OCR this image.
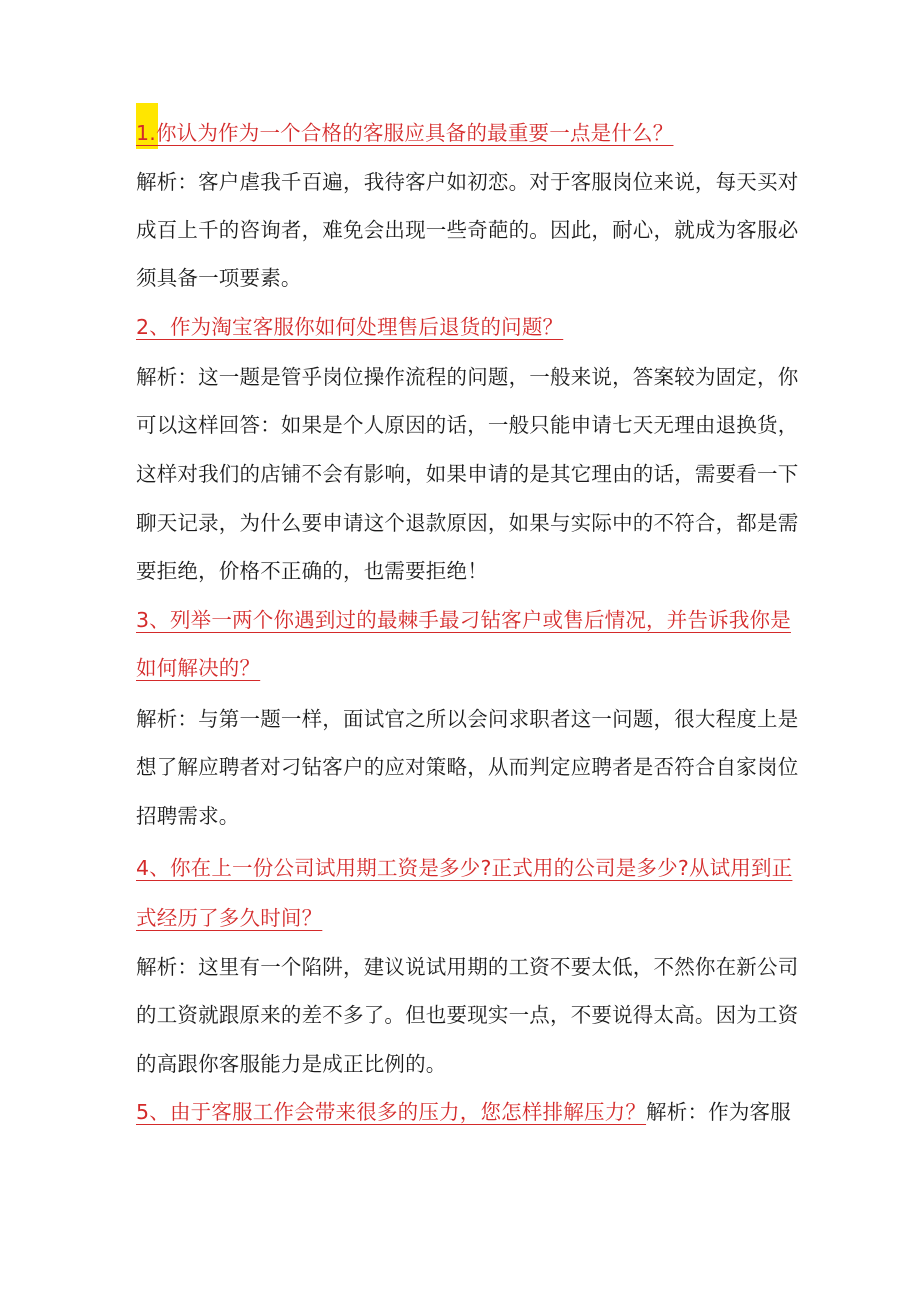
1.你认为作为一个合格的客服应具备的最重要一点是什么？
解析：客户虐我千百遍，我待客户如初恋。对于客服岗位来说，每天买对
成百上千的咨询者，难免会出现一些奇葩的。因此，耐心，就成为客服必
须具备一项要素。
2、作为淘宝客服你如何处理售后退货的问题？
解析：这一题是管乎岗位操作流程的问题，一般来说，答案较为固定，你
可以这样回答：如果是个人原因的话，一般只能申请七天无理由退换货，
这样对我们的店铺不会有影响，如果申请的是其它理由的话，需要看一下
聊天记录，为什么要申请这个退款原因，如果与实际中的不符合，都是需
要拒绝，价格不正确的，也需要拒绝！
3、列举一两个你遇到过的最棘手最刁钻客户或售后情况，并告诉我你是
如何解决的？
解析：与第一题一样，面试官之所以会问求职者这一问题，很大程度上是
想了解应聘者对刁钻客户的应对策略，从而判定应聘者是否符合自家岗位
招聘需求。
4、你在上一份公司试用期工资是多少?正式用的公司是多少?从试用到正
式经历了多久时间？
解析：这里有一个陷阱，建议说试用期的工资不要太低，不然你在新公司
的工资就跟原来的差不多了。但也要现实一点，不要说得太高。因为工资
的高跟你客服能力是成正比例的。
5、由于客服工作会带来很多的压力，您怎样排解压力？解析：作为客服
